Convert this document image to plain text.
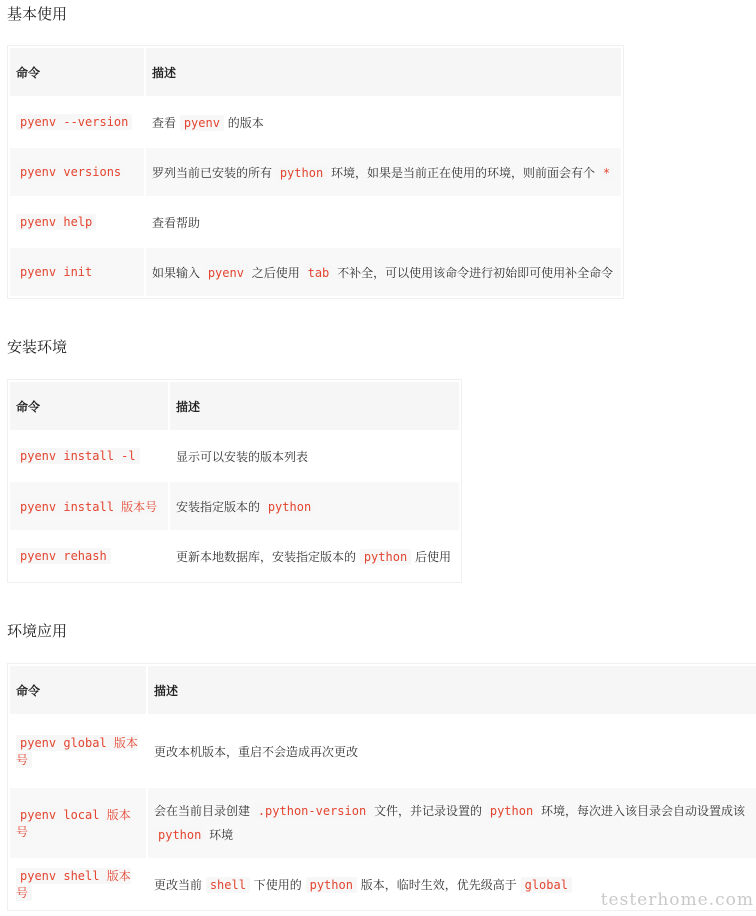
基本使用
命令	描述
pyenv --version	查看 pyenv 的版本
pyenv versions	罗列当前已安装的所有 python 环境，如果是当前正在使用的环境，则前面会有个 *
pyenv help	查看帮助
pyenv init	如果输入 pyenv 之后使用 tab 不补全，可以使用该命令进行初始即可使用补全命令
安装环境
命令	描述
pyenv install -l	显示可以安装的版本列表
pyenv install 版本号	安装指定版本的 python
pyenv rehash	更新本地数据库，安装指定版本的 python 后使用
环境应用
命令	描述
pyenv global 版本号	更改本机版本，重启不会造成再次更改
pyenv local 版本号	会在当前目录创建 .python-version 文件，并记录设置的 python 环境，每次进入该目录会自动设置成该 python 环境
pyenv shell 版本号	更改当前 shell 下使用的 python 版本，临时生效，优先级高于 global
testerhome.com
